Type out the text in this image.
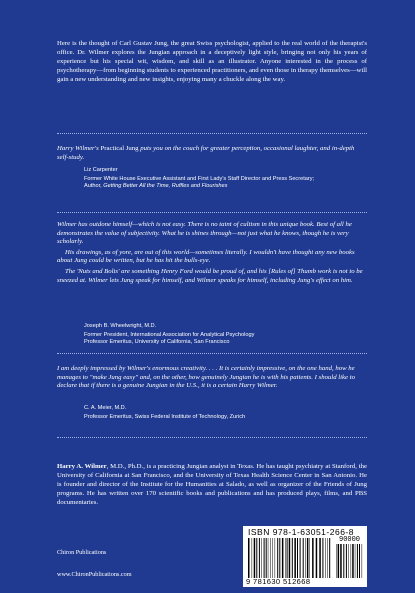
Here is the thought of Carl Gustav Jung, the great Swiss psychologist, applied to the real world of the therapist's office. Dr. Wilmer explores the Jungian approach in a deceptively light style, bringing not only his years of experience but his special wit, wisdom, and skill as an illustrator. Anyone interested in the process of psychotherapy—from beginning students to experienced practitioners, and even those in therapy themselves—will gain a new understanding and new insights, enjoying many a chuckle along the way.

Harry Wilmer's Practical Jung puts you on the couch for greater perception, occasional laughter, and in-depth self-study.

Liz Carpenter
Former White House Executive Assistant and First Lady's Staff Director and Press Secretary;
Author, Getting Better All the Time, Ruffles and Flourishes

Wilmer has outdone himself—which is not easy. There is no taint of cultism in this unique book. Best of all he demonstrates the value of subjectivity. What he is shines through—not just what he knows, though he is very scholarly.

His drawings, as of yore, are out of this world—sometimes literally. I wouldn't have thought any new books about Jung could be written, but he has hit the bulls-eye.

The 'Nuts and Bolts' are something Henry Ford would be proud of, and his [Rules of] Thumb work is not to be sneezed at. Wilmer lets Jung speak for himself, and Wilmer speaks for himself, including Jung's effect on him.

Joseph B. Wheelwright, M.D.
Former President, International Association for Analytical Psychology
Professor Emeritus, University of California, San Francisco

I am deeply impressed by Wilmer's enormous creativity. . . . It is certainly impressive, on the one hand, how he manages to "make Jung easy" and, on the other, how genuinely Jungian he is with his patients. I should like to declare that if there is a genuine Jungian in the U.S., it is a certain Harry Wilmer.

C. A. Meier, M.D.
Professor Emeritus, Swiss Federal Institute of Technology, Zurich
Harry A. Wilmer, M.D., Ph.D., is a practicing Jungian analyst in Texas. He has taught psychiatry at Stanford, the University of California at San Francisco, and the University of Texas Health Science Center in San Antonio. He is founder and director of the Institute for the Humanities at Salado, as well as organizer of the Friends of Jung programs. He has written over 170 scientific books and publications and has produced plays, films, and PBS documentaries.
Chiron Publications
www.ChironPublications.com
ISBN 978-1-63051-266-8
90000
9 781630 512668
